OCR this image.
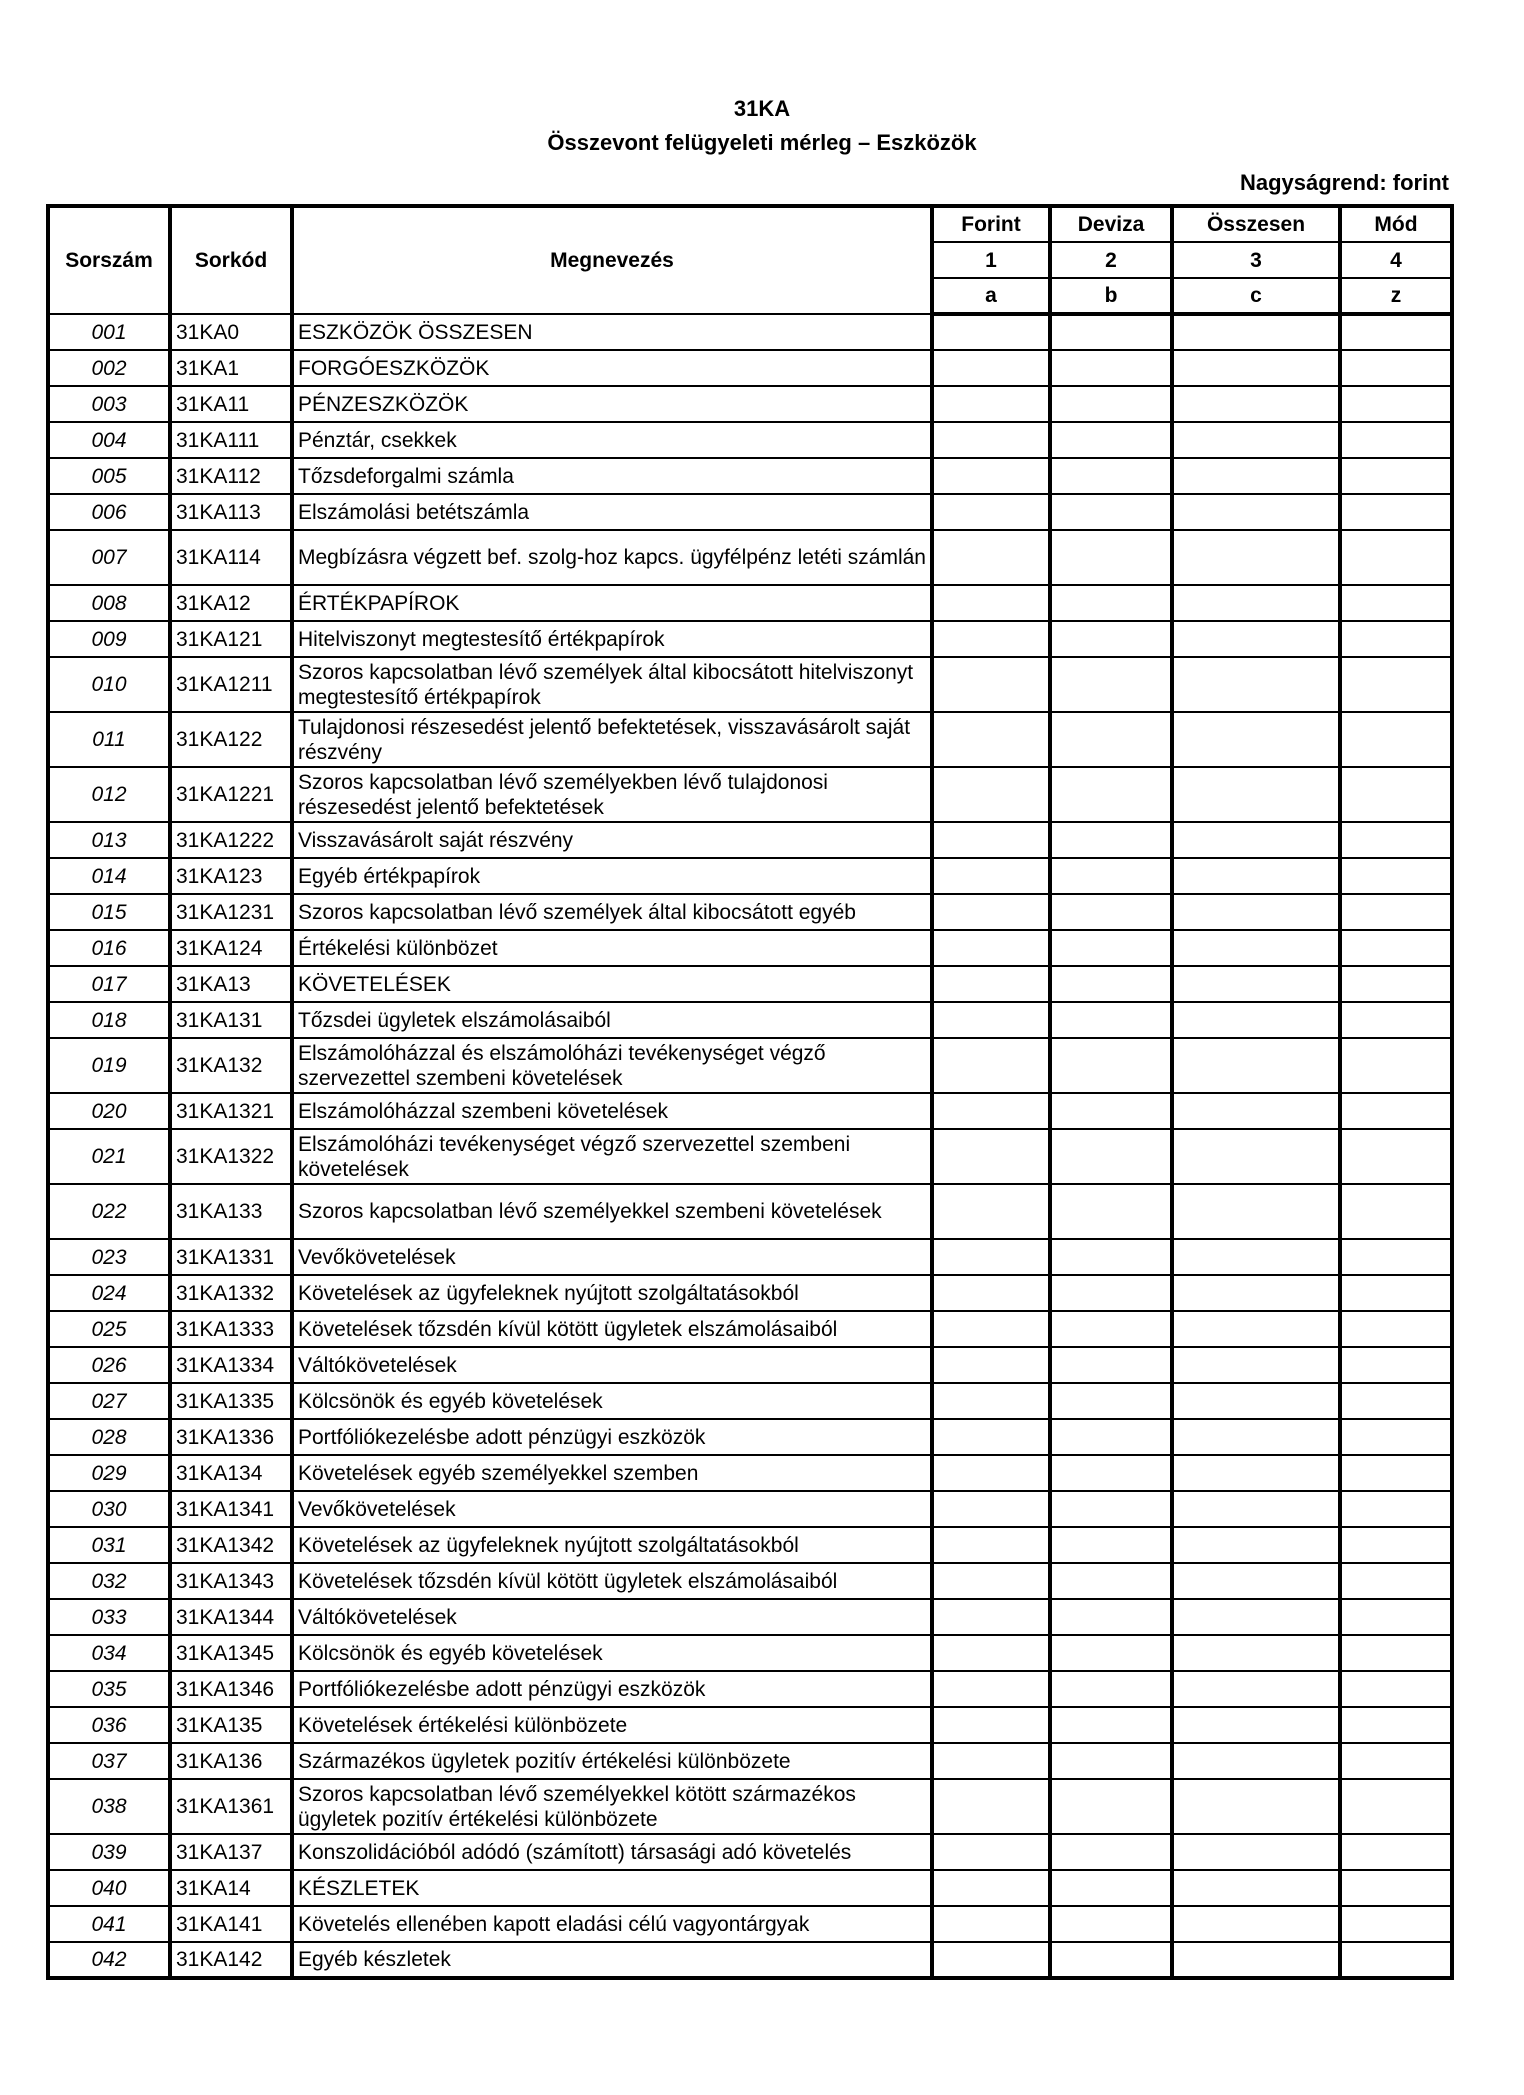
31KA
Összevont felügyeleti mérleg – Eszközök
Nagyságrend: forint
Sorszám	Sorkód	Megnevezés	Forint	Deviza	Összesen	Mód
			1	2	3	4
			a	b	c	z
001	31KA0	ESZKÖZÖK ÖSSZESEN				
002	31KA1	FORGÓESZKÖZÖK				
003	31KA11	PÉNZESZKÖZÖK				
004	31KA111	Pénztár, csekkek				
005	31KA112	Tőzsdeforgalmi számla				
006	31KA113	Elszámolási betétszámla				
007	31KA114	Megbízásra végzett bef. szolg-hoz kapcs. ügyfélpénz letéti számlán				
008	31KA12	ÉRTÉKPAPÍROK				
009	31KA121	Hitelviszonyt megtestesítő értékpapírok				
010	31KA1211	Szoros kapcsolatban lévő személyek által kibocsátott hitelviszonyt megtestesítő értékpapírok				
011	31KA122	Tulajdonosi részesedést jelentő befektetések, visszavásárolt saját részvény				
012	31KA1221	Szoros kapcsolatban lévő személyekben lévő tulajdonosi részesedést jelentő befektetések				
013	31KA1222	Visszavásárolt saját részvény				
014	31KA123	Egyéb értékpapírok				
015	31KA1231	Szoros kapcsolatban lévő személyek által kibocsátott egyéb				
016	31KA124	Értékelési különbözet				
017	31KA13	KÖVETELÉSEK				
018	31KA131	Tőzsdei ügyletek elszámolásaiból				
019	31KA132	Elszámolóházzal és elszámolóházi tevékenységet végző szervezettel szembeni követelések				
020	31KA1321	Elszámolóházzal szembeni követelések				
021	31KA1322	Elszámolóházi tevékenységet végző szervezettel szembeni követelések				
022	31KA133	Szoros kapcsolatban lévő személyekkel szembeni követelések				
023	31KA1331	Vevőkövetelések				
024	31KA1332	Követelések az ügyfeleknek nyújtott szolgáltatásokból				
025	31KA1333	Követelések tőzsdén kívül kötött ügyletek elszámolásaiból				
026	31KA1334	Váltókövetelések				
027	31KA1335	Kölcsönök és egyéb követelések				
028	31KA1336	Portfóliókezelésbe adott pénzügyi eszközök				
029	31KA134	Követelések egyéb személyekkel szemben				
030	31KA1341	Vevőkövetelések				
031	31KA1342	Követelések az ügyfeleknek nyújtott szolgáltatásokból				
032	31KA1343	Követelések tőzsdén kívül kötött ügyletek elszámolásaiból				
033	31KA1344	Váltókövetelések				
034	31KA1345	Kölcsönök és egyéb követelések				
035	31KA1346	Portfóliókezelésbe adott pénzügyi eszközök				
036	31KA135	Követelések értékelési különbözete				
037	31KA136	Származékos ügyletek pozitív értékelési különbözete				
038	31KA1361	Szoros kapcsolatban lévő személyekkel kötött származékos ügyletek pozitív értékelési különbözete				
039	31KA137	Konszolidációból adódó (számított) társasági adó követelés				
040	31KA14	KÉSZLETEK				
041	31KA141	Követelés ellenében kapott eladási célú vagyontárgyak				
042	31KA142	Egyéb készletek				
